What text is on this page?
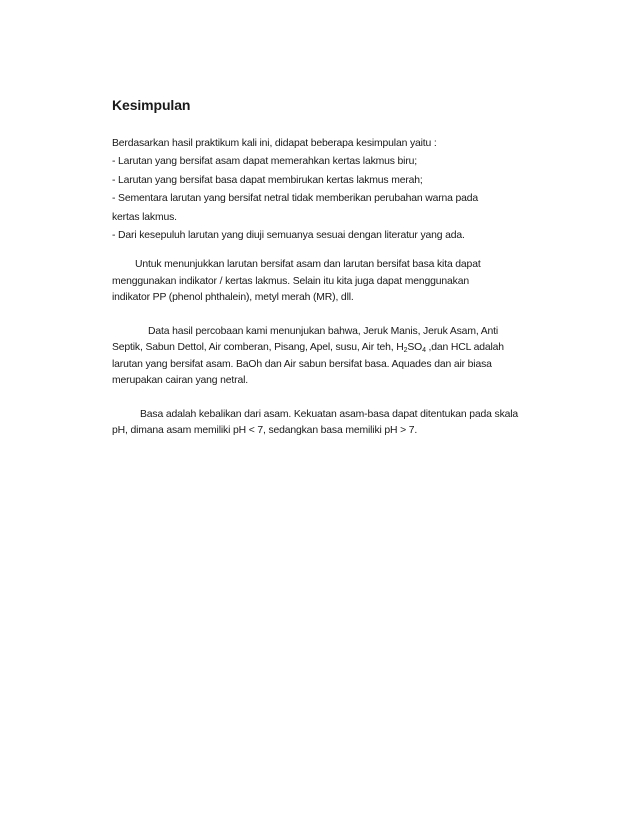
Kesimpulan

Berdasarkan hasil praktikum kali ini, didapat beberapa kesimpulan yaitu :

- Larutan yang bersifat asam dapat memerahkan kertas lakmus biru;

- Larutan yang bersifat basa dapat membirukan kertas lakmus merah;

- Sementara larutan yang bersifat netral tidak memberikan perubahan warna pada

kertas lakmus.

- Dari kesepuluh larutan yang diuji semuanya sesuai dengan literatur yang ada.

Untuk menunjukkan larutan bersifat asam dan larutan bersifat basa kita dapat
menggunakan indikator / kertas lakmus. Selain itu kita juga dapat menggunakan
indikator PP (phenol phthalein), metyl merah (MR), dll.
Data hasil percobaan kami menunjukan bahwa, Jeruk Manis, Jeruk Asam, Anti
Septik, Sabun Dettol, Air comberan, Pisang, Apel, susu, Air teh, $H_2SO_4$ ,dan HCL adalah
larutan yang bersifat asam. BaOh dan Air sabun bersifat basa. Aquades dan air biasa
merupakan cairan yang netral.
Basa adalah kebalikan dari asam. Kekuatan asam-basa dapat ditentukan pada skala
pH, dimana asam memiliki pH < 7, sedangkan basa memiliki pH > 7.
